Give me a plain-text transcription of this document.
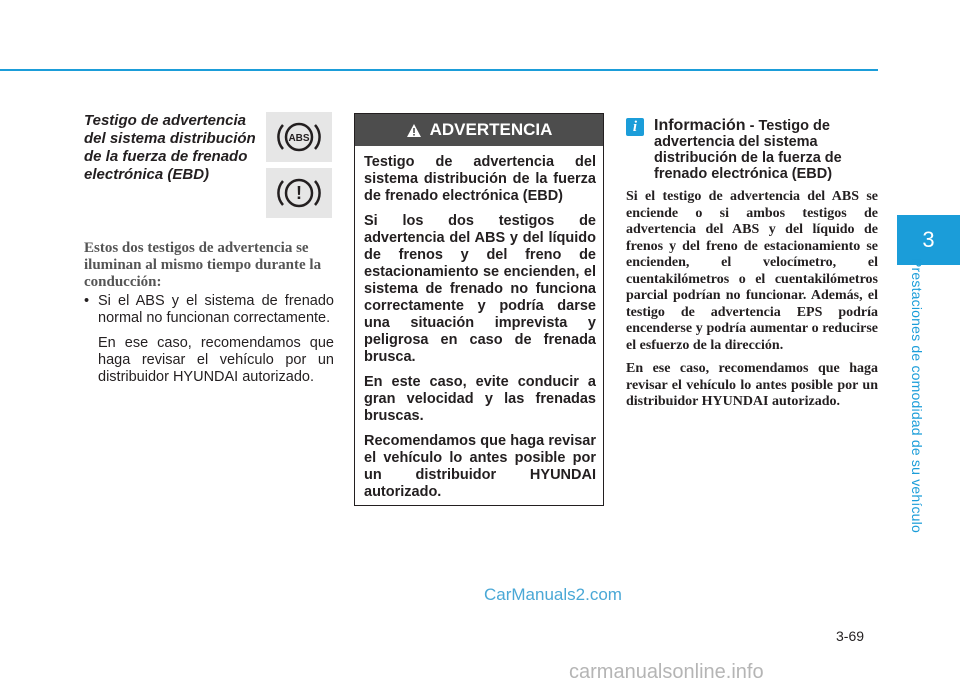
3
Prestaciones de comodidad de su vehículo

Testigo de advertencia del sistema distribución de la fuerza de frenado electrónica (EBD)

ABS
!
Estos dos testigos de advertencia se iluminan al mismo tiempo durante la conducción:
• Si el ABS y el sistema de frenado normal no funcionan correctamente.
En ese caso, recomendamos que haga revisar el vehículo por un distribuidor HYUNDAI autorizado.
ADVERTENCIA

Testigo de advertencia del sistema distribución de la fuerza de frenado electrónica (EBD)

Si los dos testigos de advertencia del ABS y del líquido de frenos y del freno de estacionamiento se encienden, el sistema de frenado no funciona correctamente y podría darse una situación imprevista y peligrosa en caso de frenada brusca.

En este caso, evite conducir a gran velocidad y las frenadas bruscas.

Recomendamos que haga revisar el vehículo lo antes posible por un distribuidor HYUNDAI autorizado.

i	Información - Testigo de advertencia del sistema distribución de la fuerza de frenado electrónica (EBD)

Si el testigo de advertencia del ABS se enciende o si ambos testigos de advertencia del ABS y del líquido de frenos y del freno de estacionamiento se encienden, el velocímetro, el cuentakilómetros o el cuentakilómetros parcial podrían no funcionar. Además, el testigo de advertencia EPS podría encenderse y podría aumentar o reducirse el esfuerzo de la dirección.

En ese caso, recomendamos que haga revisar el vehículo lo antes posible por un distribuidor HYUNDAI autorizado.

CarManuals2.com
3-69
carmanualsonline.info
